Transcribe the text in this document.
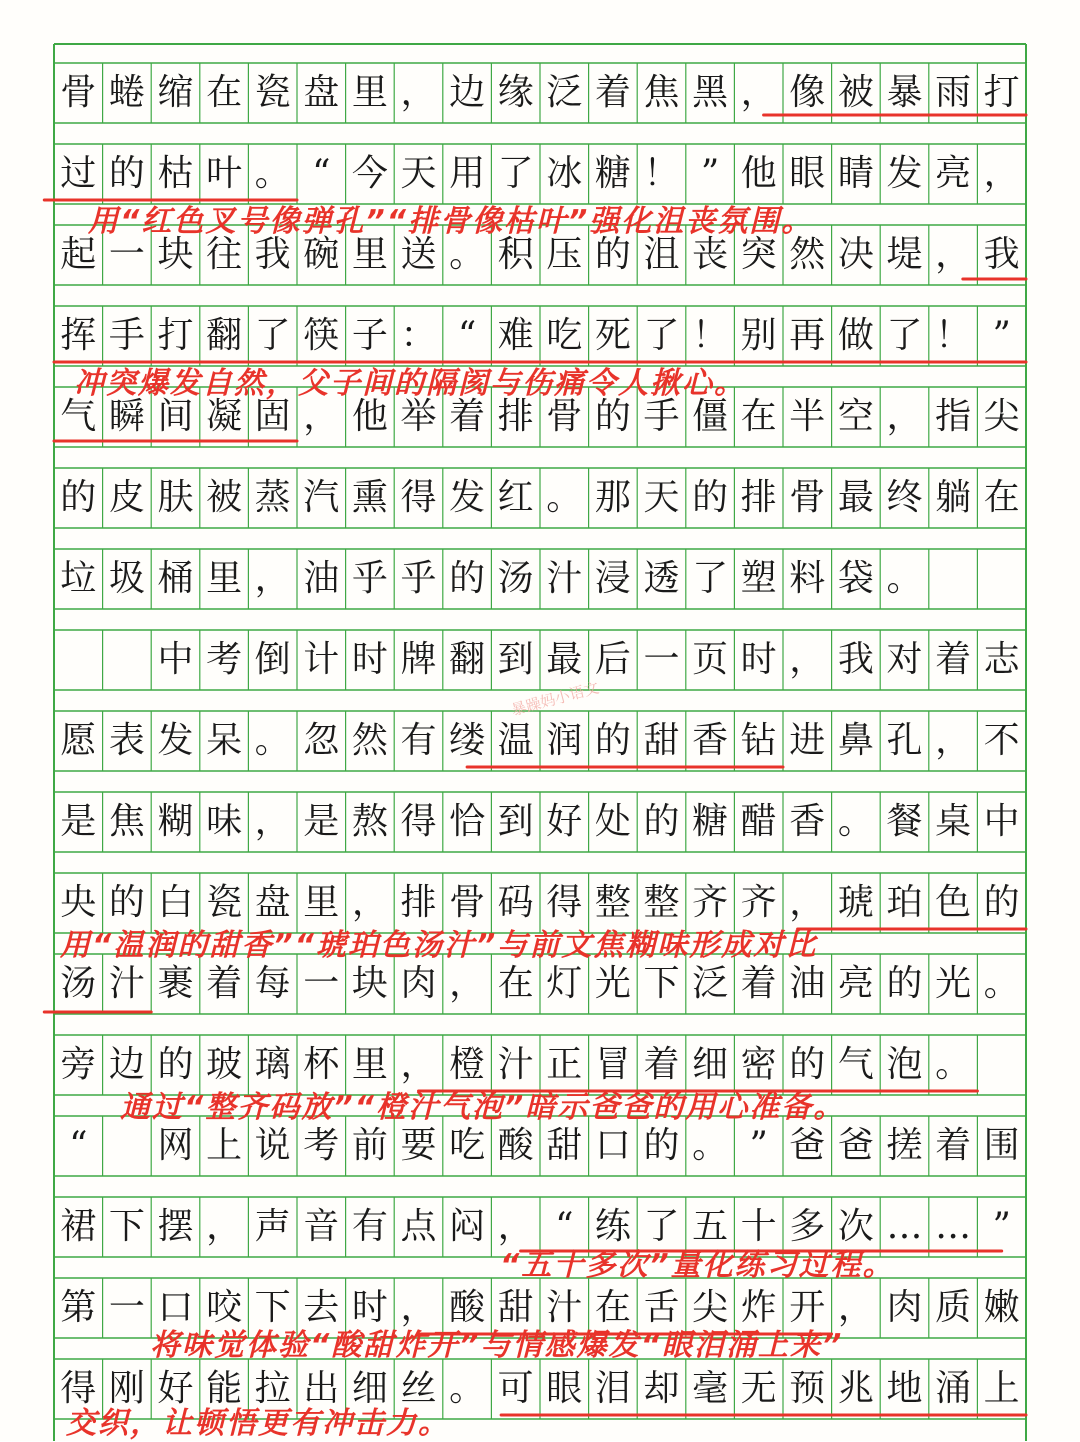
骨 蜷 缩 在 瓷 盘 里 ， 边 缘 泛 着 焦 黑 ， 像 被 暴 雨 打
过 的 枯 叶 。 “ 今 天 用 了 冰 糖 ！ ” 他 眼 睛 发 亮 ，
起 一 块 往 我 碗 里 送 。 积 压 的 沮 丧 突 然 决 堤 ， 我
挥 手 打 翻 了 筷 子 ： “ 难 吃 死 了 ！ 别 再 做 了 ！ ”
气 瞬 间 凝 固 ， 他 举 着 排 骨 的 手 僵 在 半 空 ， 指 尖
的 皮 肤 被 蒸 汽 熏 得 发 红 。 那 天 的 排 骨 最 终 躺 在
垃 圾 桶 里 ， 油 乎 乎 的 汤 汁 浸 透 了 塑 料 袋 。

中 考 倒 计 时 牌 翻 到 最 后 一 页 时 ， 我 对 着 志
愿 表 发 呆 。 忽 然 有 缕 温 润 的 甜 香 钻 进 鼻 孔 ， 不
是 焦 糊 味 ， 是 熬 得 恰 到 好 处 的 糖 醋 香 。 餐 桌 中
央 的 白 瓷 盘 里 ， 排 骨 码 得 整 整 齐 齐 ， 琥 珀 色 的
汤 汁 裹 着 每 一 块 肉 ， 在 灯 光 下 泛 着 油 亮 的 光 。
旁 边 的 玻 璃 杯 里 ， 橙 汁 正 冒 着 细 密 的 气 泡 。
“
　	网 上 说 考 前 要 吃 酸 甜 口 的 。 ” 爸 爸 搓 着 围
裙 下 摆 ， 声 音 有 点 闷 ， “ 练 了 五 十 多 次 … … ”
第 一 口 咬 下 去 时 ， 酸 甜 汁 在 舌 尖 炸 开 ， 肉 质 嫩
得 刚 好 能 拉 出 细 丝 。 可 眼 泪 却 毫 无 预 兆 地 涌 上
用“红色叉号像弹孔”“排骨像枯叶”强化沮丧氛围。
冲突爆发自然，父子间的隔阂与伤痛令人揪心。
用“温润的甜香”“琥珀色汤汁”与前文焦糊味形成对比
通过“整齐码放”“橙汁气泡”暗示爸爸的用心准备。
“五十多次”量化练习过程。
将味觉体验“酸甜炸开”与情感爆发“眼泪涌上来”
交织，让顿悟更有冲击力。
暴躁妈小语文
